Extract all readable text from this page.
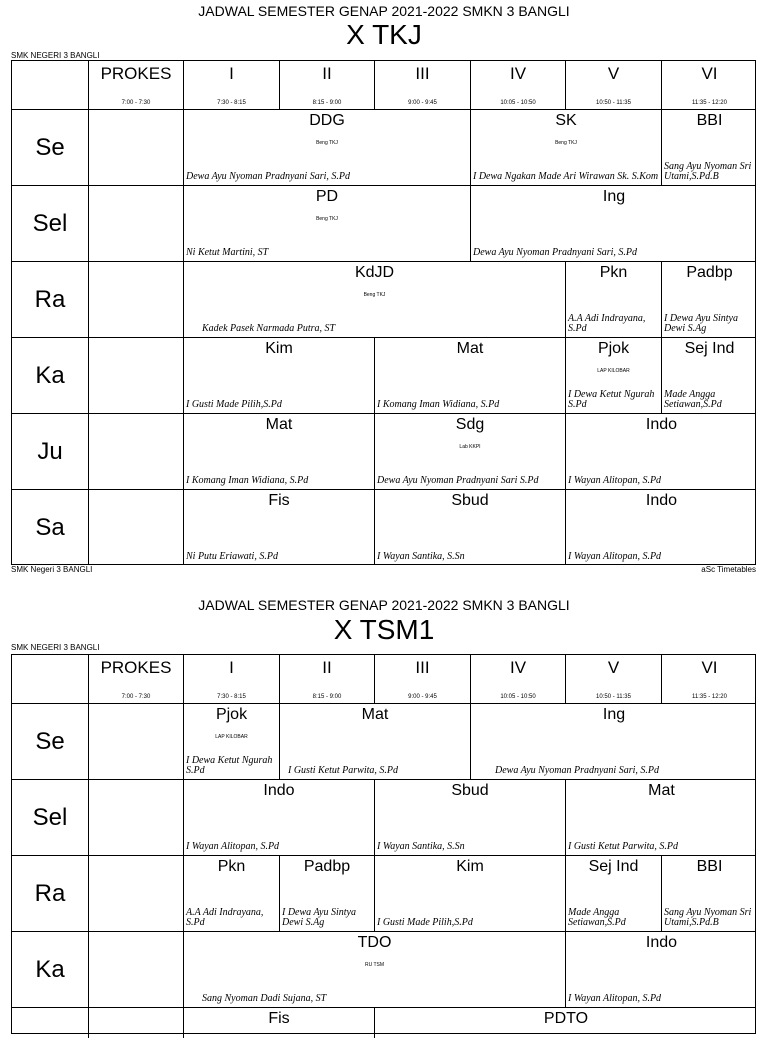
JADWAL SEMESTER GENAP 2021-2022 SMKN 3 BANGLI
X TKJ
SMK NEGERI 3 BANGLI
PROKES
7:00 - 7:30
I
7:30 - 8:15
II
8:15 - 9:00
III
9:00 - 9:45
IV
10:05 - 10:50
V
10:50 - 11:35
VI
11:35 - 12:20
Se
DDG
Beng TKJ
Dewa Ayu Nyoman Pradnyani Sari, S.Pd
SK
Beng TKJ
I Dewa Ngakan Made Ari Wirawan Sk. S.Kom
BBI
Sang Ayu Nyoman Sri Utami,S.Pd.B
Sel
PD
Beng TKJ
Ni Ketut Martini, ST
Ing
Dewa Ayu Nyoman Pradnyani Sari, S.Pd
Ra
KdJD
Beng TKJ
Kadek Pasek Narmada Putra, ST
Pkn
A.A Adi Indrayana, S.Pd
Padbp
I Dewa Ayu Sintya Dewi S.Ag
Ka
Kim
I Gusti Made Pilih,S.Pd
Mat
I Komang Iman Widiana, S.Pd
Pjok
LAP KILOBAR
I Dewa Ketut Ngurah S.Pd
Sej Ind
Made Angga Setiawan,S.Pd
Ju
Mat
I Komang Iman Widiana, S.Pd
Sdg
Lab KKPI
Dewa Ayu Nyoman Pradnyani Sari S.Pd
Indo
I Wayan Alitopan, S.Pd
Sa
Fis
Ni Putu Eriawati, S.Pd
Sbud
I Wayan Santika, S.Sn
Indo
I Wayan Alitopan, S.Pd
SMK Negeri 3 BANGLI	aSc Timetables
JADWAL SEMESTER GENAP 2021-2022 SMKN 3 BANGLI
X TSM1
SMK NEGERI 3 BANGLI
PROKES
7:00 - 7:30
I
7:30 - 8:15
II
8:15 - 9:00
III
9:00 - 9:45
IV
10:05 - 10:50
V
10:50 - 11:35
VI
11:35 - 12:20
Se
Pjok
LAP KILOBAR
I Dewa Ketut Ngurah S.Pd
Mat
I Gusti Ketut Parwita, S.Pd
Ing
Dewa Ayu Nyoman Pradnyani Sari, S.Pd
Sel
Indo
I Wayan Alitopan, S.Pd
Sbud
I Wayan Santika, S.Sn
Mat
I Gusti Ketut Parwita, S.Pd
Ra
Pkn
A.A Adi Indrayana, S.Pd
Padbp
I Dewa Ayu Sintya Dewi S.Ag
Kim
I Gusti Made Pilih,S.Pd
Sej Ind
Made Angga Setiawan,S.Pd
BBI
Sang Ayu Nyoman Sri Utami,S.Pd.B
Ka
TDO
RU TSM
Sang Nyoman Dadi Sujana, ST
Indo
I Wayan Alitopan, S.Pd
Fis	PDTO
